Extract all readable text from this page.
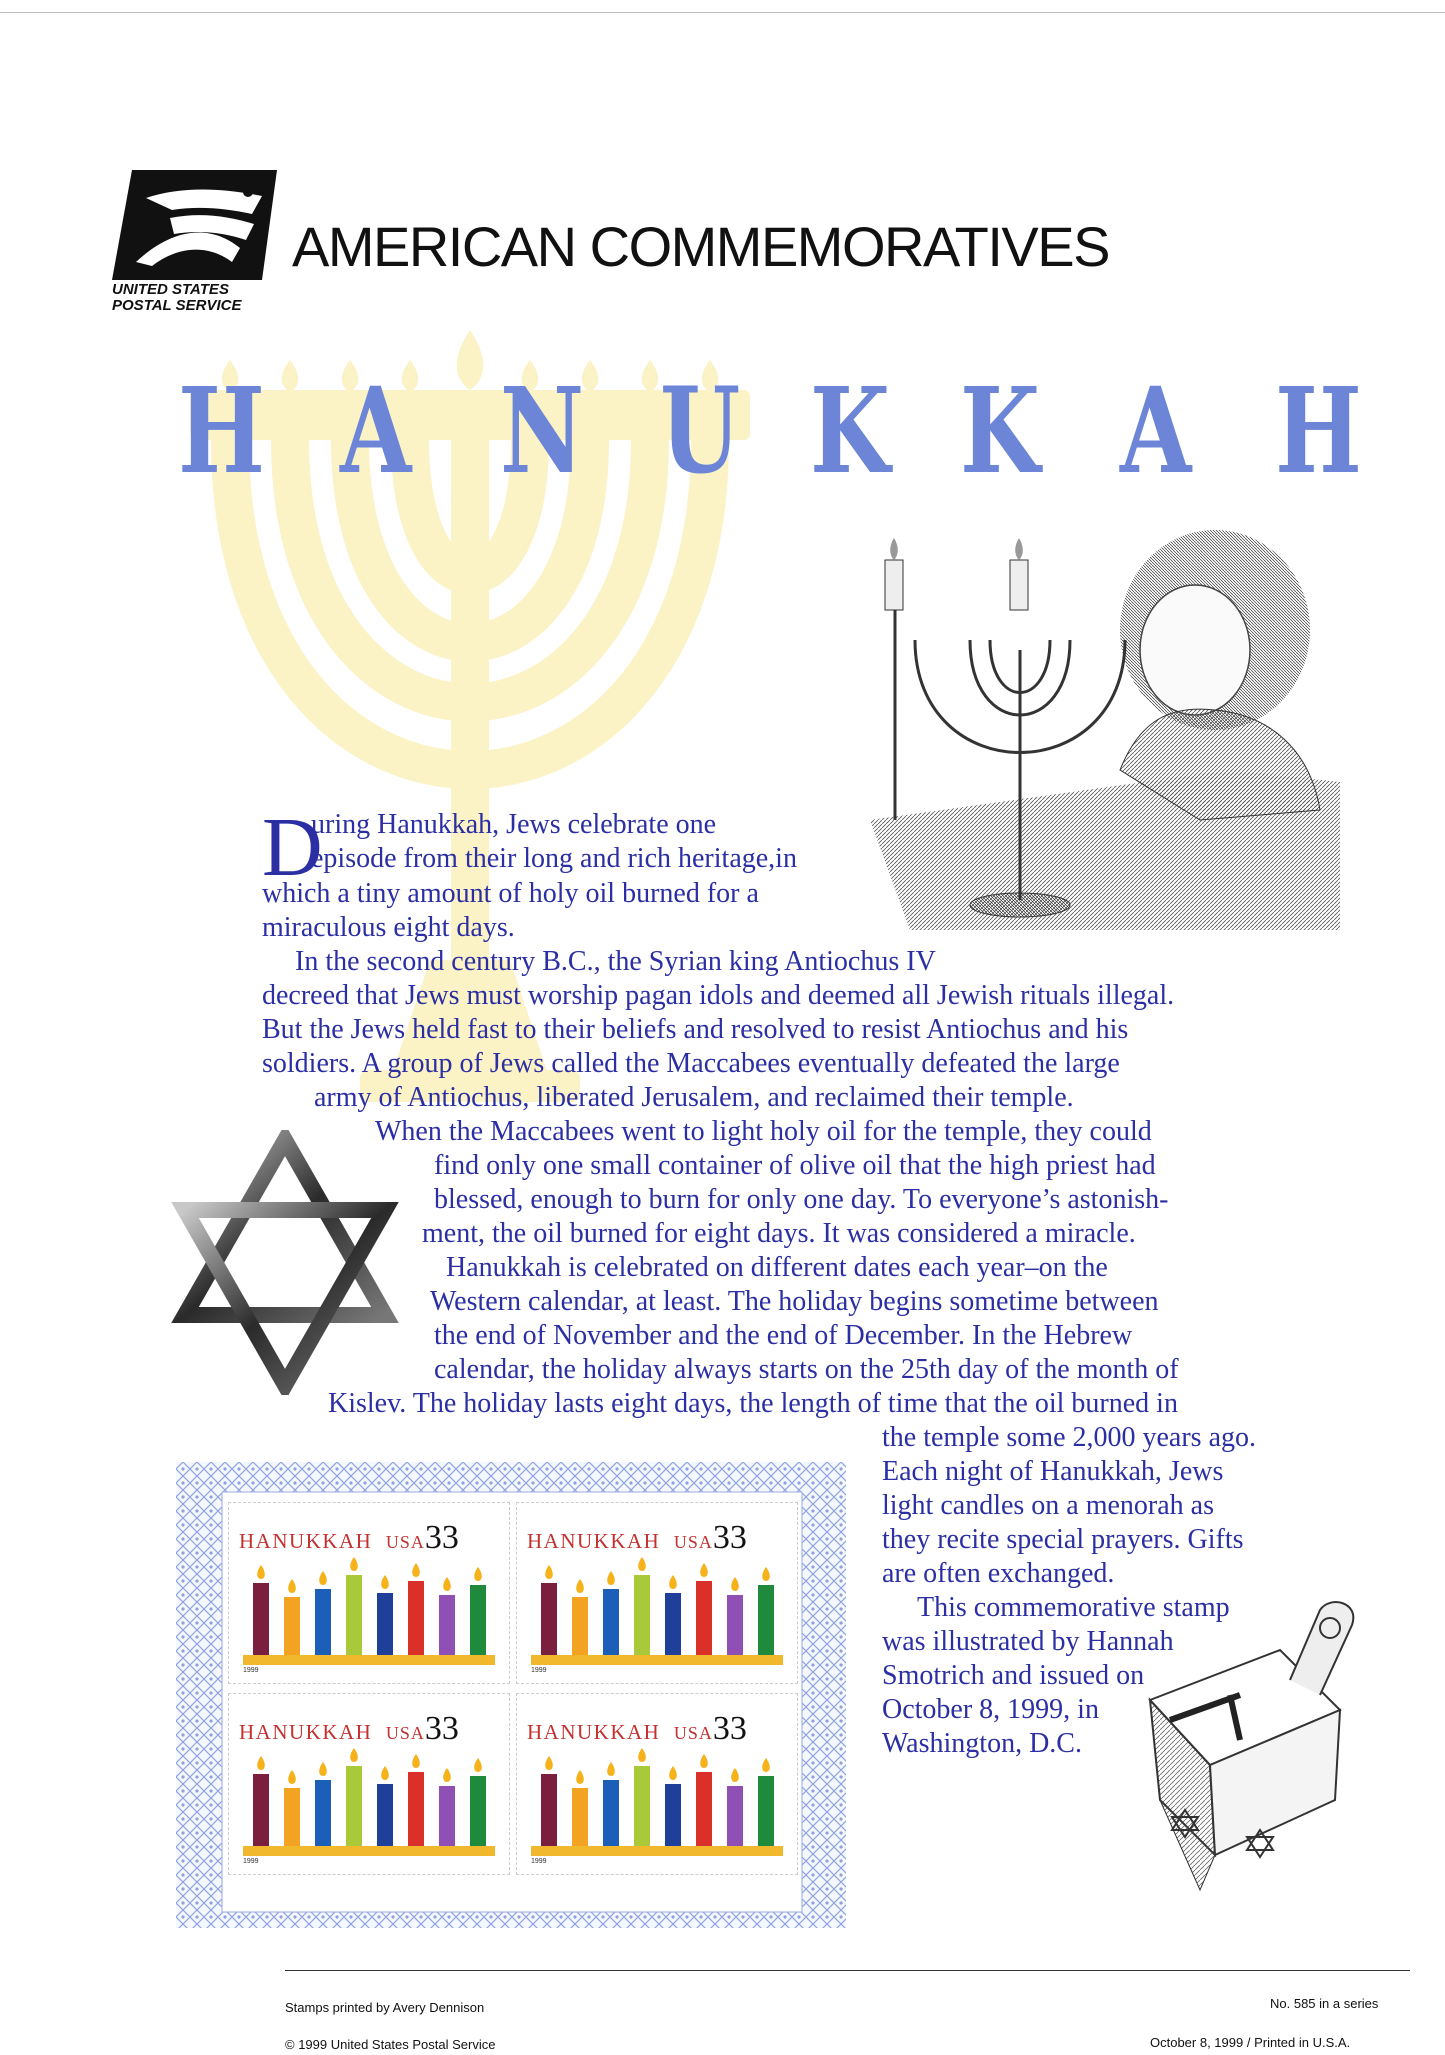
UNITED STATES
POSTAL SERVICE
AMERICAN COMMEMORATIVES
H A N U K K A H
D
uring Hanukkah, Jews celebrate one
episode from their long and rich heritage,in
which a tiny amount of holy oil burned for a
miraculous eight days.
In the second century B.C., the Syrian king Antiochus IV
decreed that Jews must worship pagan idols and deemed all Jewish rituals illegal.
But the Jews held fast to their beliefs and resolved to resist Antiochus and his
soldiers. A group of Jews called the Maccabees eventually defeated the large
army of Antiochus, liberated Jerusalem, and reclaimed their temple.
When the Maccabees went to light holy oil for the temple, they could
find only one small container of olive oil that the high priest had
blessed, enough to burn for only one day. To everyone’s astonish-
ment, the oil burned for eight days. It was considered a miracle.
Hanukkah is celebrated on different dates each year–on the
Western calendar, at least. The holiday begins sometime between
the end of November and the end of December. In the Hebrew
calendar, the holiday always starts on the 25th day of the month of
Kislev. The holiday lasts eight days, the length of time that the oil burned in
the temple some 2,000 years ago.
Each night of Hanukkah, Jews
light candles on a menorah as
they recite special prayers. Gifts
are often exchanged.
This commemorative stamp
was illustrated by Hannah
Smotrich and issued on
October 8, 1999, in
Washington, D.C.
HANUKKAH USA33
1999
HANUKKAH USA33
1999
HANUKKAH USA33
1999
HANUKKAH USA33
1999
Stamps printed by Avery Dennison
© 1999 United States Postal Service
No. 585 in a series
October 8, 1999 / Printed in U.S.A.
